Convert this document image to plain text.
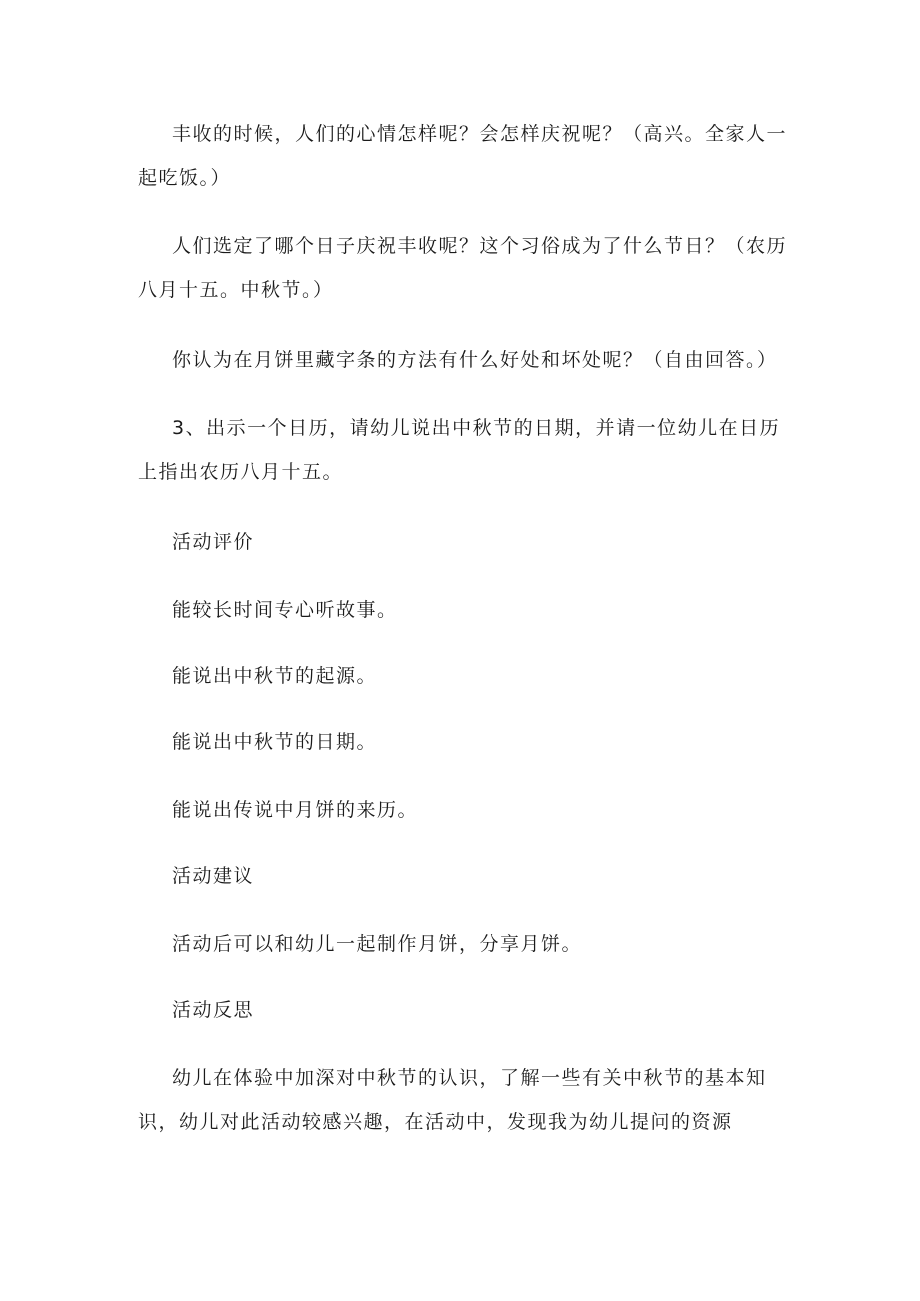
丰收的时候，人们的心情怎样呢？会怎样庆祝呢？（高兴。全家人一起吃饭。）

人们选定了哪个日子庆祝丰收呢？这个习俗成为了什么节日？（农历八月十五。中秋节。）

你认为在月饼里藏字条的方法有什么好处和坏处呢？（自由回答。）

3、出示一个日历，请幼儿说出中秋节的日期，并请一位幼儿在日历上指出农历八月十五。

活动评价

能较长时间专心听故事。

能说出中秋节的起源。

能说出中秋节的日期。

能说出传说中月饼的来历。

活动建议

活动后可以和幼儿一起制作月饼，分享月饼。

活动反思

幼儿在体验中加深对中秋节的认识，了解一些有关中秋节的基本知识，幼儿对此活动较感兴趣，在活动中，发现我为幼儿提问的资源
